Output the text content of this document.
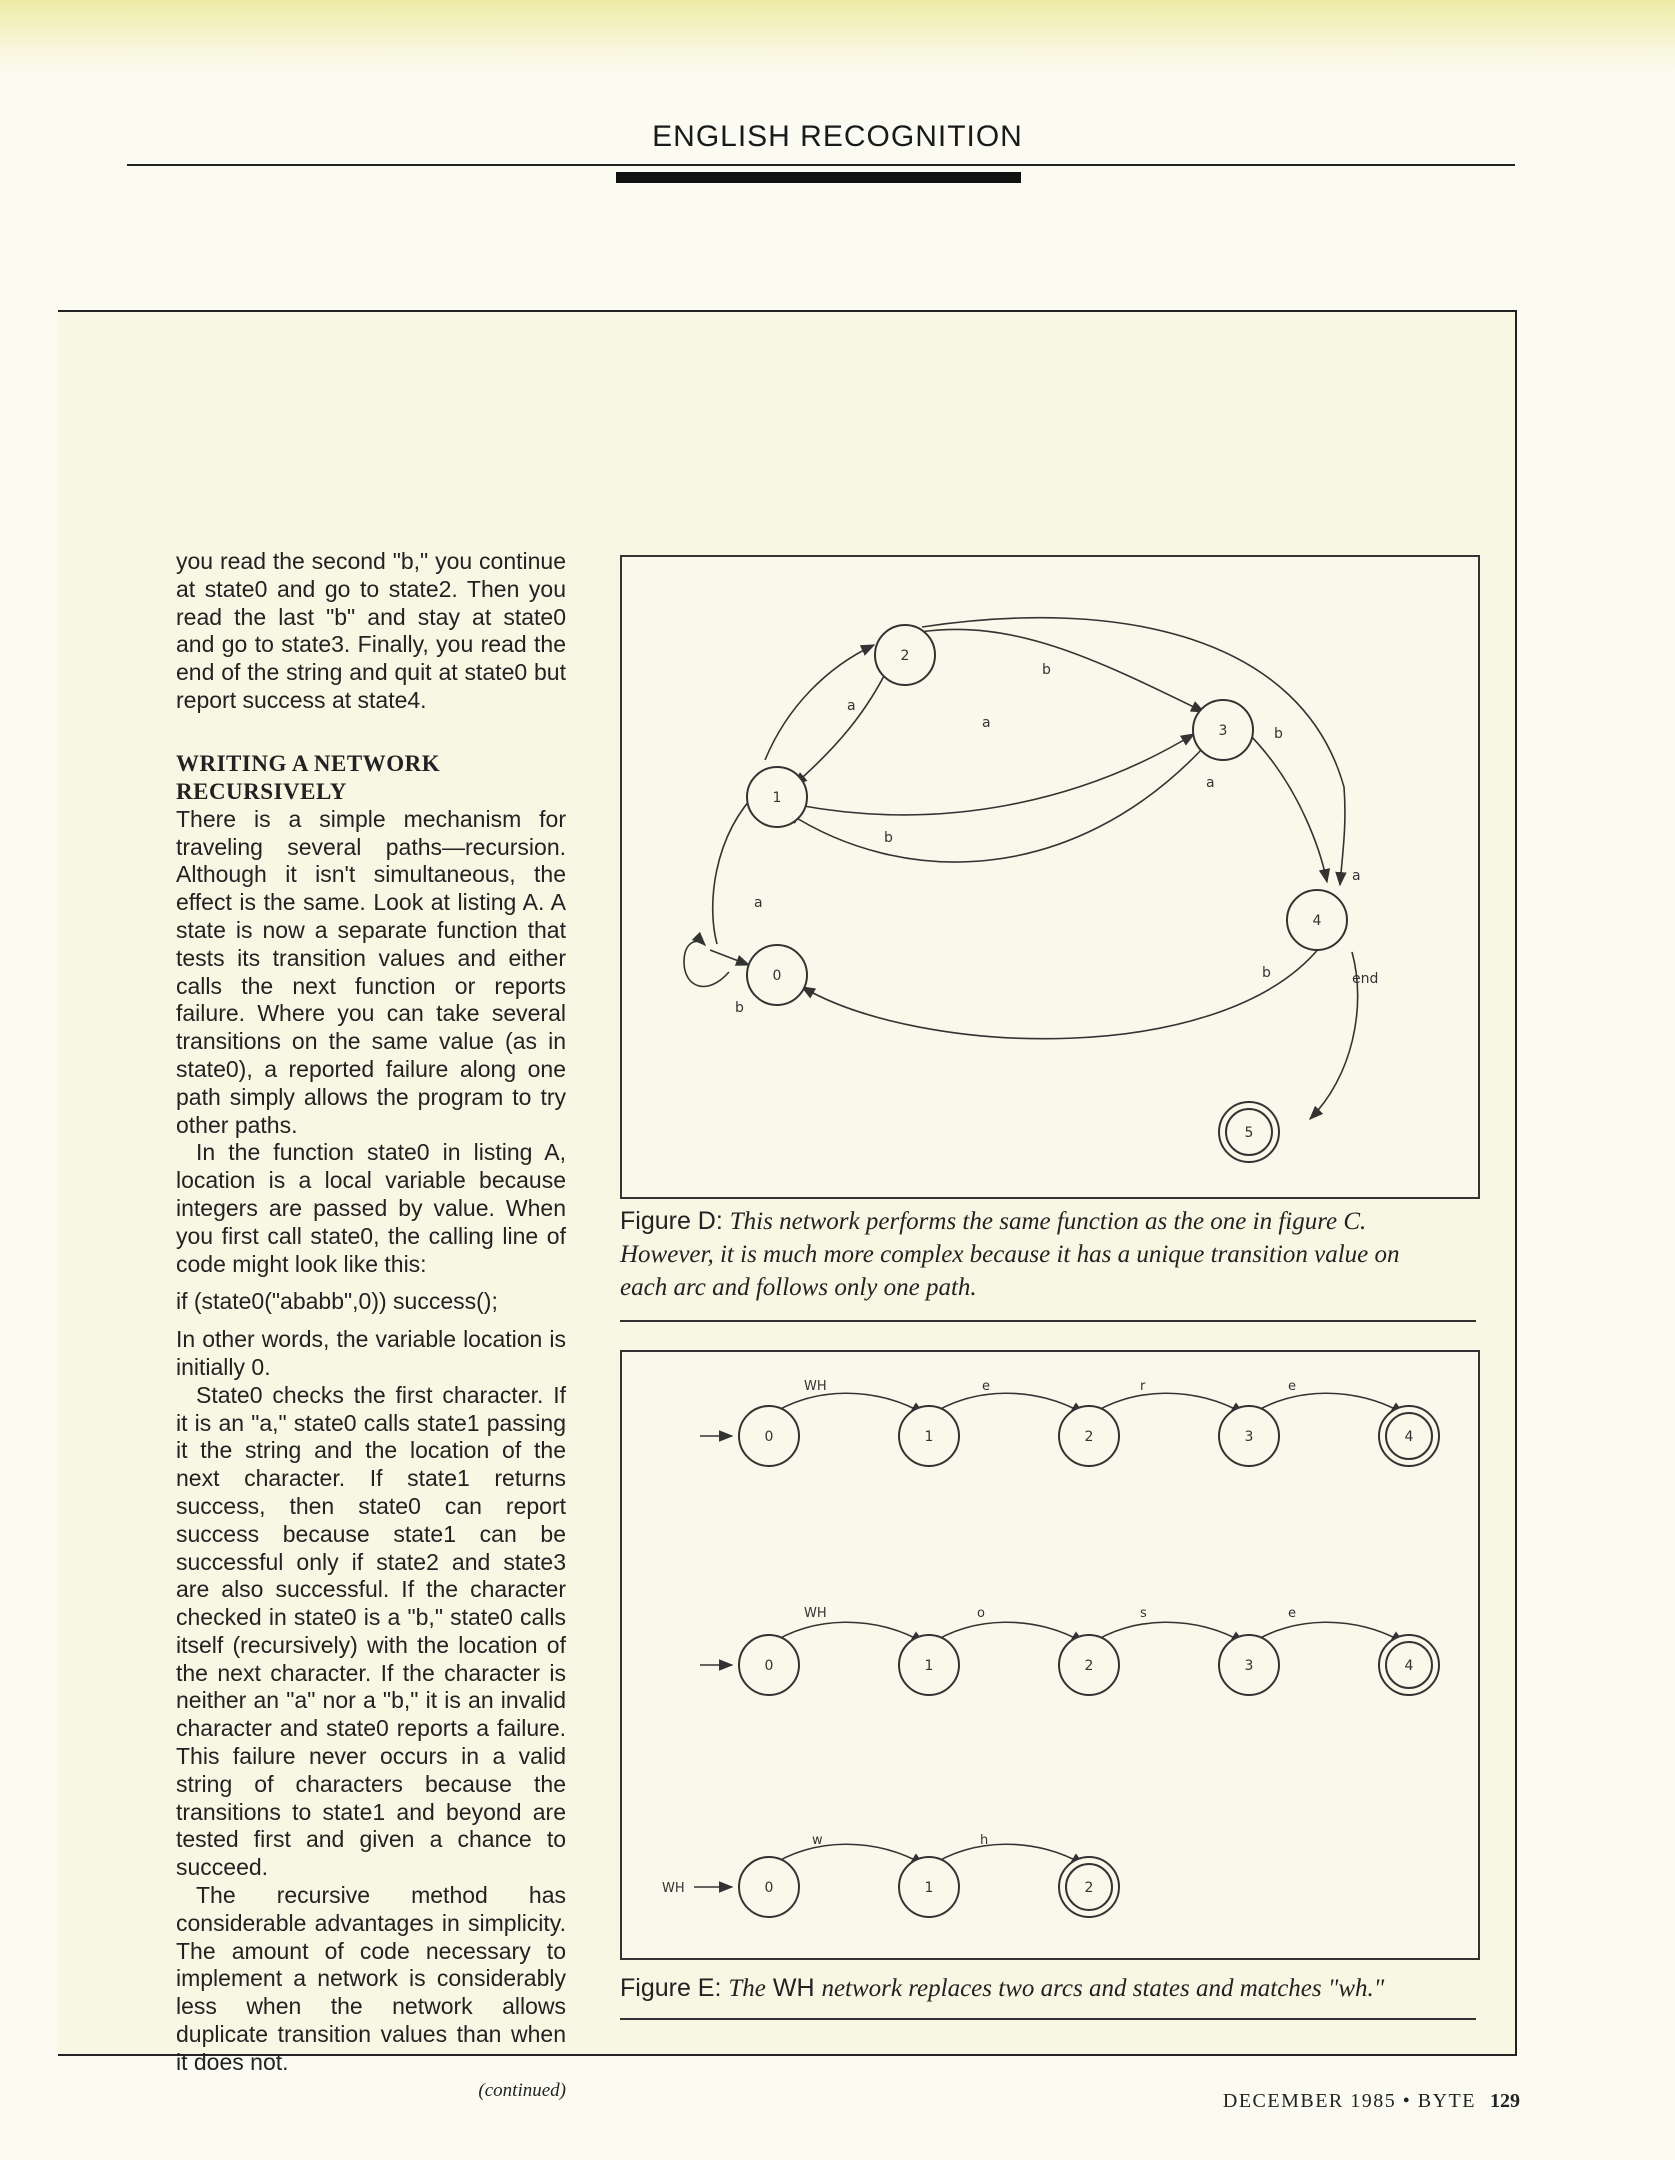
ENGLISH RECOGNITION

you read the second "b," you continue at state0 and go to state2. Then you read the last "b" and stay at state0 and go to state3. Finally, you read the end of the string and quit at state0 but report success at state4.

WRITING A NETWORK RECURSIVELY

There is a simple mechanism for traveling several paths—recursion. Although it isn't simultaneous, the effect is the same. Look at listing A. A state is now a separate function that tests its transition values and either calls the next function or reports failure. Where you can take several transitions on the same value (as in state0), a reported failure along one path simply allows the program to try other paths.

In the function state0 in listing A, location is a local variable because integers are passed by value. When you first call state0, the calling line of code might look like this:

if (state0("ababb",0)) success();

In other words, the variable location is initially 0.

State0 checks the first character. If it is an "a," state0 calls state1 passing it the string and the location of the next character. If state1 returns success, then state0 can report success because state1 can be successful only if state2 and state3 are also successful. If the character checked in state0 is a "b," state0 calls itself (recursively) with the location of the next character. If the character is neither an "a" nor a "b," it is an invalid character and state0 reports a failure. This failure never occurs in a valid string of characters because the transitions to state1 and beyond are tested first and given a chance to succeed.

The recursive method has considerable advantages in simplicity. The amount of code necessary to implement a network is considerably less when the network allows duplicate transition values than when it does not.

(continued)
0
1
2
3
4
5
a
b
a
a
b
b
a
b
a
b	end
Figure D: This network performs the same function as the one in figure C. However, it is much more complex because it has a unique transition value on each arc and follows only one path.
0	1	2	3	4
WH	e	r	e
0	1	2	3	4
WH	o	s	e
WH	0	1	2
w	h
Figure E: The WH network replaces two arcs and states and matches "wh."
DECEMBER 1985 • BYTE 129
